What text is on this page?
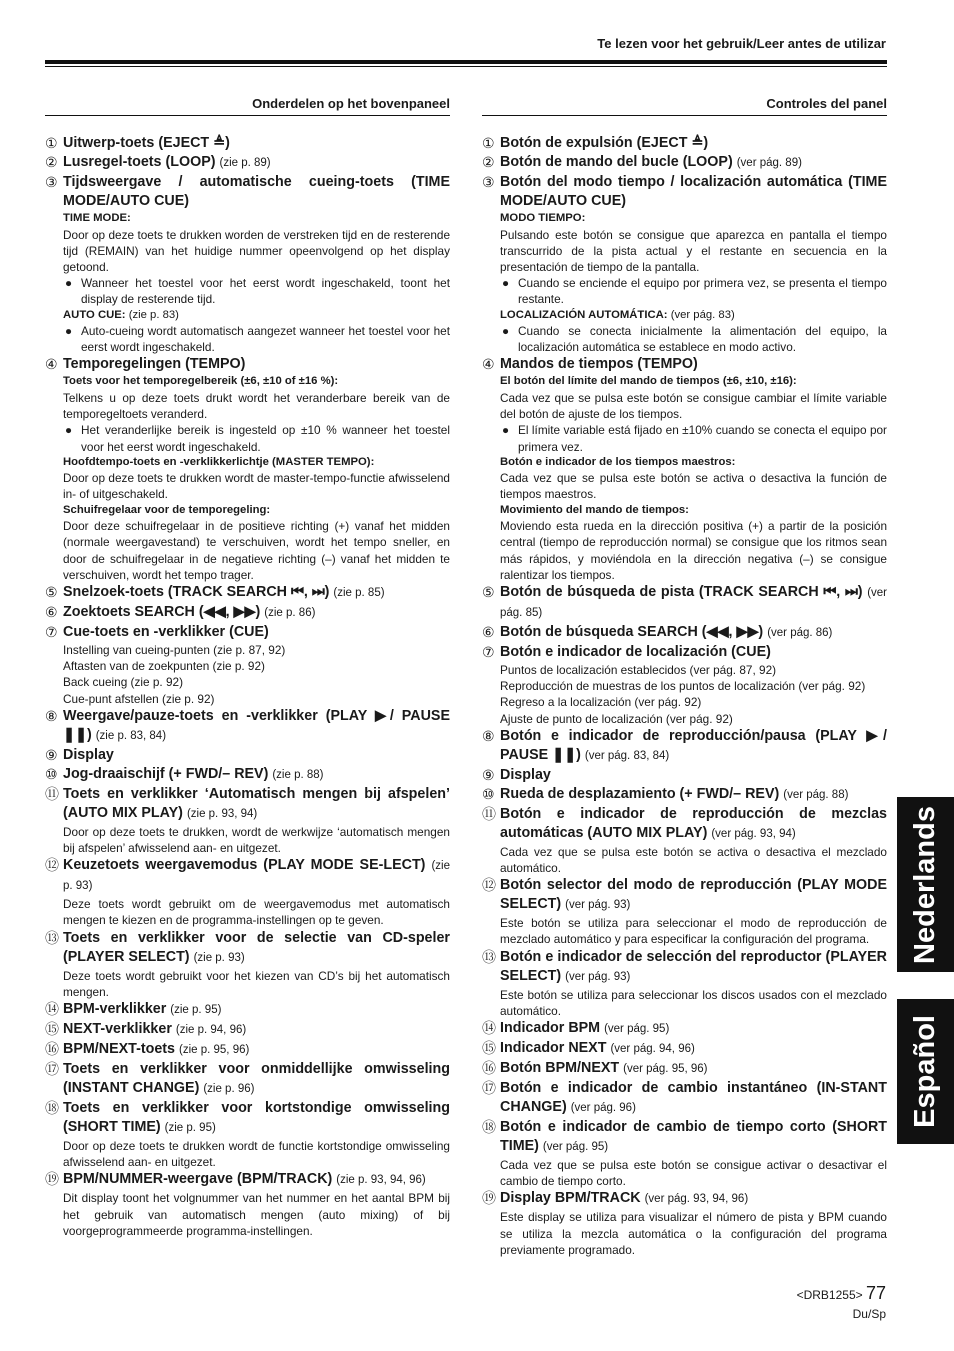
Te lezen voor het gebruik/Leer antes de utilizar
Onderdelen op het bovenpaneel
① Uitwerp-toets (EJECT ≜)
② Lusregel-toets (LOOP) (zie p. 89)
③ Tijdsweergave / automatische cueing-toets (TIME MODE/AUTO CUE)
TIME MODE:
Door op deze toets te drukken worden de verstreken tijd en de resterende tijd (REMAIN) van het huidige nummer opeenvolgend op het display getoond.
● Wanneer het toestel voor het eerst wordt ingeschakeld, toont het display de resterende tijd.
AUTO CUE: (zie p. 83)
● Auto-cueing wordt automatisch aangezet wanneer het toestel voor het eerst wordt ingeschakeld.
④ Temporegelingen (TEMPO)
Toets voor het temporegelbereik (±6, ±10 of ±16 %):
Telkens u op deze toets drukt wordt het veranderbare bereik van de temporegeltoets veranderd.
● Het veranderlijke bereik is ingesteld op ±10 % wanneer het toestel voor het eerst wordt ingeschakeld.
Hoofdtempo-toets en -verklikkerlichtje (MASTER TEMPO):
Door op deze toets te drukken wordt de master-tempo-functie afwisselend in- of uitgeschakeld.
Schuifregelaar voor de temporegeling:
Door deze schuifregelaar in de positieve richting (+) vanaf het midden (normale weergavestand) te verschuiven, wordt het tempo sneller, en door de schuifregelaar in de negatieve richting (–) vanaf het midden te verschuiven, wordt het tempo trager.
⑤ Snelzoek-toets (TRACK SEARCH ⏮, ⏭) (zie p. 85)
⑥ Zoektoets SEARCH (◀◀, ▶▶) (zie p. 86)
⑦ Cue-toets en -verklikker (CUE)
Instelling van cueing-punten (zie p. 87, 92)
Aftasten van de zoekpunten (zie p. 92)
Back cueing (zie p. 92)
Cue-punt afstellen (zie p. 92)
⑧ Weergave/pauze-toets en -verklikker (PLAY ▶/ PAUSE ❚❚) (zie p. 83, 84)
⑨ Display
⑩ Jog-draaischijf (+ FWD/– REV) (zie p. 88)
⑪ Toets en verklikker ‘Automatisch mengen bij afspelen’ (AUTO MIX PLAY) (zie p. 93, 94)
Door op deze toets te drukken, wordt de werkwijze ‘automatisch mengen bij afspelen’ afwisselend aan- en uitgezet.
⑫ Keuzetoets weergavemodus (PLAY MODE SE-LECT) (zie p. 93)
Deze toets wordt gebruikt om de weergavemodus met automatisch mengen te kiezen en de programma-instellingen op te geven.
⑬ Toets en verklikker voor de selectie van CD-speler (PLAYER SELECT) (zie p. 93)
Deze toets wordt gebruikt voor het kiezen van CD’s bij het automatisch mengen.
⑭ BPM-verklikker (zie p. 95)
⑮ NEXT-verklikker (zie p. 94, 96)
⑯ BPM/NEXT-toets (zie p. 95, 96)
⑰ Toets en verklikker voor onmiddellijke omwisseling (INSTANT CHANGE) (zie p. 96)
⑱ Toets en verklikker voor kortstondige omwisseling (SHORT TIME) (zie p. 95)
Door op deze toets te drukken wordt de functie kortstondige omwisseling afwisselend aan- en uitgezet.
⑲ BPM/NUMMER-weergave (BPM/TRACK) (zie p. 93, 94, 96)
Dit display toont het volgnummer van het nummer en het aantal BPM bij het gebruik van automatisch mengen (auto mixing) of bij voorgeprogrammeerde programma-instellingen.
Controles del panel
① Botón de expulsión (EJECT ≜)
② Botón de mando del bucle (LOOP) (ver pág. 89)
③ Botón del modo tiempo / localización automática (TIME MODE/AUTO CUE)
MODO TIEMPO:
Pulsando este botón se consigue que aparezca en pantalla el tiempo transcurrido de la pista actual y el restante en secuencia en la presentación de tiempo de la pantalla.
● Cuando se enciende el equipo por primera vez, se presenta el tiempo restante.
LOCALIZACIÓN AUTOMÁTICA: (ver pág. 83)
● Cuando se conecta inicialmente la alimentación del equipo, la localización automática se establece en modo activo.
④ Mandos de tiempos (TEMPO)
El botón del límite del mando de tiempos (±6, ±10, ±16):
Cada vez que se pulsa este botón se consigue cambiar el límite variable del botón de ajuste de los tiempos.
● El límite variable está fijado en ±10% cuando se conecta el equipo por primera vez.
Botón e indicador de los tiempos maestros:
Cada vez que se pulsa este botón se activa o desactiva la función de tiempos maestros.
Movimiento del mando de tiempos:
Moviendo esta rueda en la dirección positiva (+) a partir de la posición central (tiempo de reproducción normal) se consigue que los ritmos sean más rápidos, y moviéndola en la dirección negativa (–) se consigue ralentizar los tiempos.
⑤ Botón de búsqueda de pista (TRACK SEARCH ⏮, ⏭) (ver pág. 85)
⑥ Botón de búsqueda SEARCH (◀◀, ▶▶) (ver pág. 86)
⑦ Botón e indicador de localización (CUE)
Puntos de localización establecidos (ver pág. 87, 92)
Reproducción de muestras de los puntos de localización (ver pág. 92)
Regreso a la localización (ver pág. 92)
Ajuste de punto de localización (ver pág. 92)
⑧ Botón e indicador de reproducción/pausa (PLAY ▶/ PAUSE ❚❚) (ver pág. 83, 84)
⑨ Display
⑩ Rueda de desplazamiento (+ FWD/– REV) (ver pág. 88)
⑪ Botón e indicador de reproducción de mezclas automáticas (AUTO MIX PLAY) (ver pág. 93, 94)
Cada vez que se pulsa este botón se activa o desactiva el mezclado automático.
⑫ Botón selector del modo de reproducción (PLAY MODE SELECT) (ver pág. 93)
Este botón se utiliza para seleccionar el modo de reproducción de mezclado automático y para especificar la configuración del programa.
⑬ Botón e indicador de selección del reproductor (PLAYER SELECT) (ver pág. 93)
Este botón se utiliza para seleccionar los discos usados con el mezclado automático.
⑭ Indicador BPM (ver pág. 95)
⑮ Indicador NEXT (ver pág. 94, 96)
⑯ Botón BPM/NEXT (ver pág. 95, 96)
⑰ Botón e indicador de cambio instantáneo (IN-STANT CHANGE) (ver pág. 96)
⑱ Botón e indicador de cambio de tiempo corto (SHORT TIME) (ver pág. 95)
Cada vez que se pulsa este botón se consigue activar o desactivar el cambio de tiempo corto.
⑲ Display BPM/TRACK (ver pág. 93, 94, 96)
Este display se utiliza para visualizar el número de pista y BPM cuando se utiliza la mezcla automática o la configuración del programa previamente programado.
Nederlands
Español
<DRB1255> 77
Du/Sp
